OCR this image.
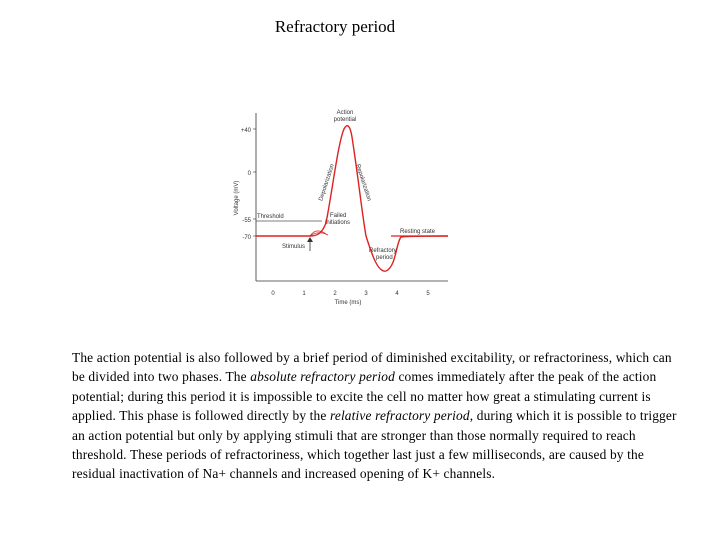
Refractory period
+40
0
-55
-70
Voltage (mV)
0	1	2	3	4	5
Time (ms)
Threshold
Resting state
Stimulus
Failed
initiations
Action
potential
Depolarization	Repolarization
Refractory
period

The action potential is also followed by a brief period of diminished excitability, or refractoriness, which can be divided into two phases. The absolute refractory period comes immediately after the peak of the action potential; during this period it is impossible to excite the cell no matter how great a stimulating current is applied. This phase is followed directly by the relative refractory period, during which it is possible to trigger an action potential but only by applying stimuli that are stronger than those normally required to reach threshold. These periods of refractoriness, which together last just a few milliseconds, are caused by the residual inactivation of Na+ channels and increased opening of K+ channels.
